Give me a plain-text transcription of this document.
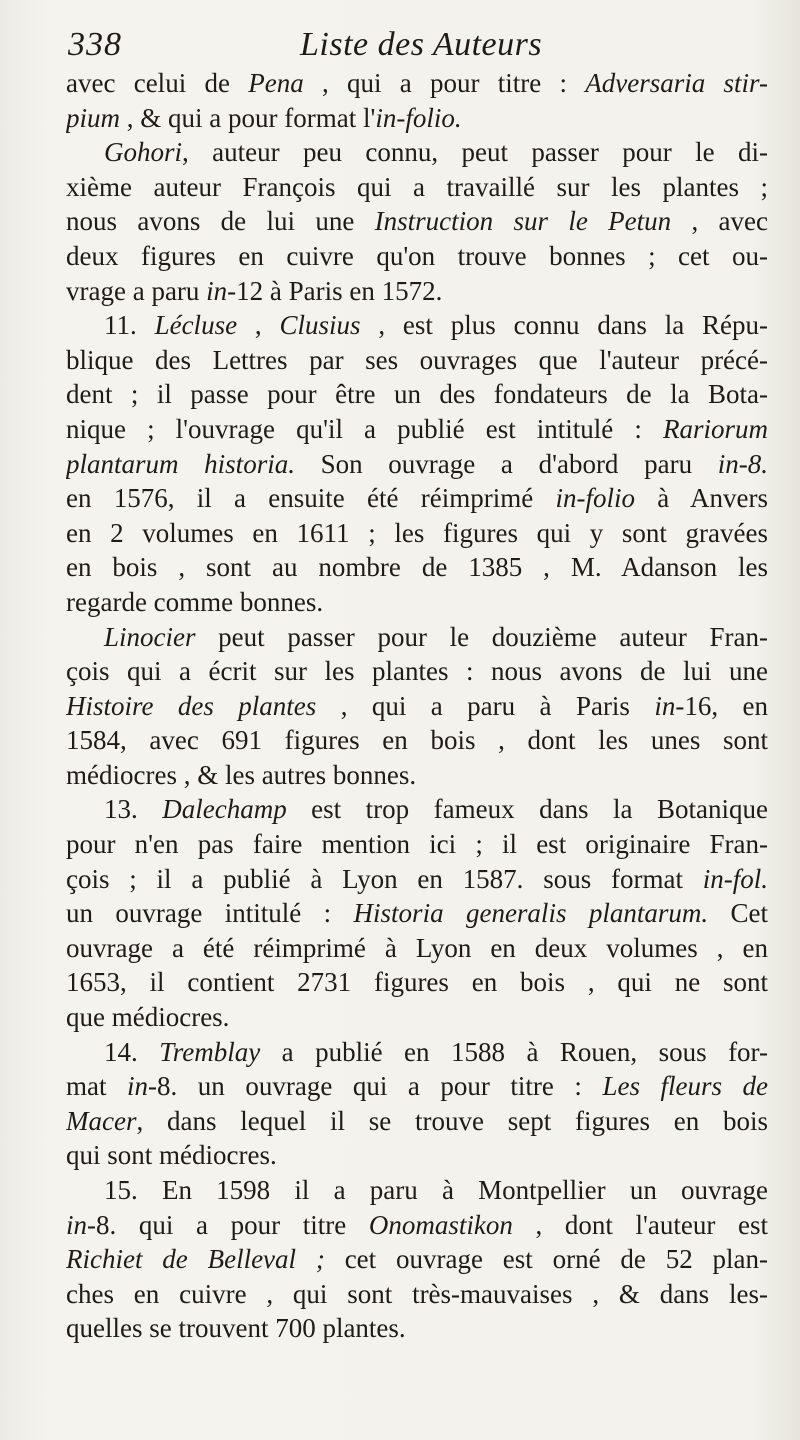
338	Liste des Auteurs
avec celui de Pena , qui a pour titre : Adversaria stir-
pium , & qui a pour format l'in-folio.
Gohori, auteur peu connu, peut passer pour le di-
xième auteur François qui a travaillé sur les plantes ;
nous avons de lui une Instruction sur le Petun , avec
deux figures en cuivre qu'on trouve bonnes ; cet ou-
vrage a paru in-12 à Paris en 1572.
11. Lécluse , Clusius , est plus connu dans la Répu-
blique des Lettres par ses ouvrages que l'auteur précé-
dent ; il passe pour être un des fondateurs de la Bota-
nique ; l'ouvrage qu'il a publié est intitulé : Rariorum
plantarum historia. Son ouvrage a d'abord paru in-8.
en 1576, il a ensuite été réimprimé in-folio à Anvers
en 2 volumes en 1611 ; les figures qui y sont gravées
en bois , sont au nombre de 1385 , M. Adanson les
regarde comme bonnes.
Linocier peut passer pour le douzième auteur Fran-
çois qui a écrit sur les plantes : nous avons de lui une
Histoire des plantes , qui a paru à Paris in-16, en
1584, avec 691 figures en bois , dont les unes sont
médiocres , & les autres bonnes.
13. Dalechamp est trop fameux dans la Botanique
pour n'en pas faire mention ici ; il est originaire Fran-
çois ; il a publié à Lyon en 1587. sous format in-fol.
un ouvrage intitulé : Historia generalis plantarum. Cet
ouvrage a été réimprimé à Lyon en deux volumes , en
1653, il contient 2731 figures en bois , qui ne sont
que médiocres.
14. Tremblay a publié en 1588 à Rouen, sous for-
mat in-8. un ouvrage qui a pour titre : Les fleurs de
Macer, dans lequel il se trouve sept figures en bois
qui sont médiocres.
15. En 1598 il a paru à Montpellier un ouvrage
in-8. qui a pour titre Onomastikon , dont l'auteur est
Richiet de Belleval ; cet ouvrage est orné de 52 plan-
ches en cuivre , qui sont très-mauvaises , & dans les-
quelles se trouvent 700 plantes.
